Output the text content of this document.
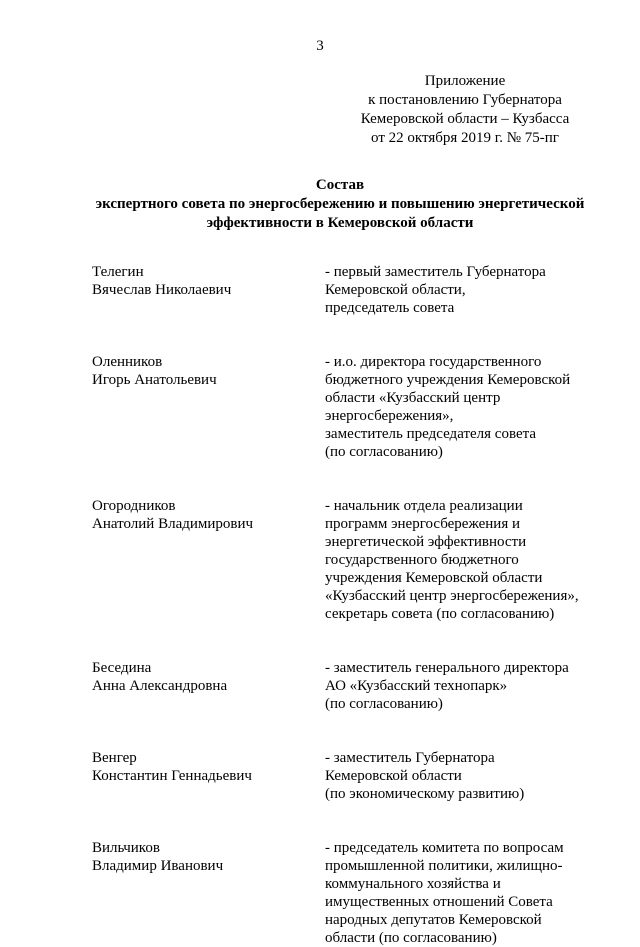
3
Приложение
к постановлению Губернатора
Кемеровской области – Кузбасса
от 22 октября 2019 г. № 75-пг
Состав
экспертного совета по энергосбережению и повышению энергетической
эффективности в Кемеровской области
Телегин
Вячеслав Николаевич
- первый заместитель Губернатора
Кемеровской области,
председатель совета
Оленников
Игорь Анатольевич
- и.о. директора государственного
бюджетного учреждения Кемеровской
области «Кузбасский центр
энергосбережения»,
заместитель председателя совета
(по согласованию)
Огородников
Анатолий Владимирович
- начальник отдела реализации
программ энергосбережения и
энергетической эффективности
государственного бюджетного
учреждения Кемеровской области
«Кузбасский центр энергосбережения»,
секретарь совета (по согласованию)
Беседина
Анна Александровна
- заместитель генерального директора
АО «Кузбасский технопарк»
(по согласованию)
Венгер
Константин Геннадьевич
- заместитель Губернатора
Кемеровской области
(по экономическому развитию)
Вильчиков
Владимир Иванович
- председатель комитета по вопросам
промышленной политики, жилищно-
коммунального хозяйства и
имущественных отношений Совета
народных депутатов Кемеровской
области (по согласованию)
